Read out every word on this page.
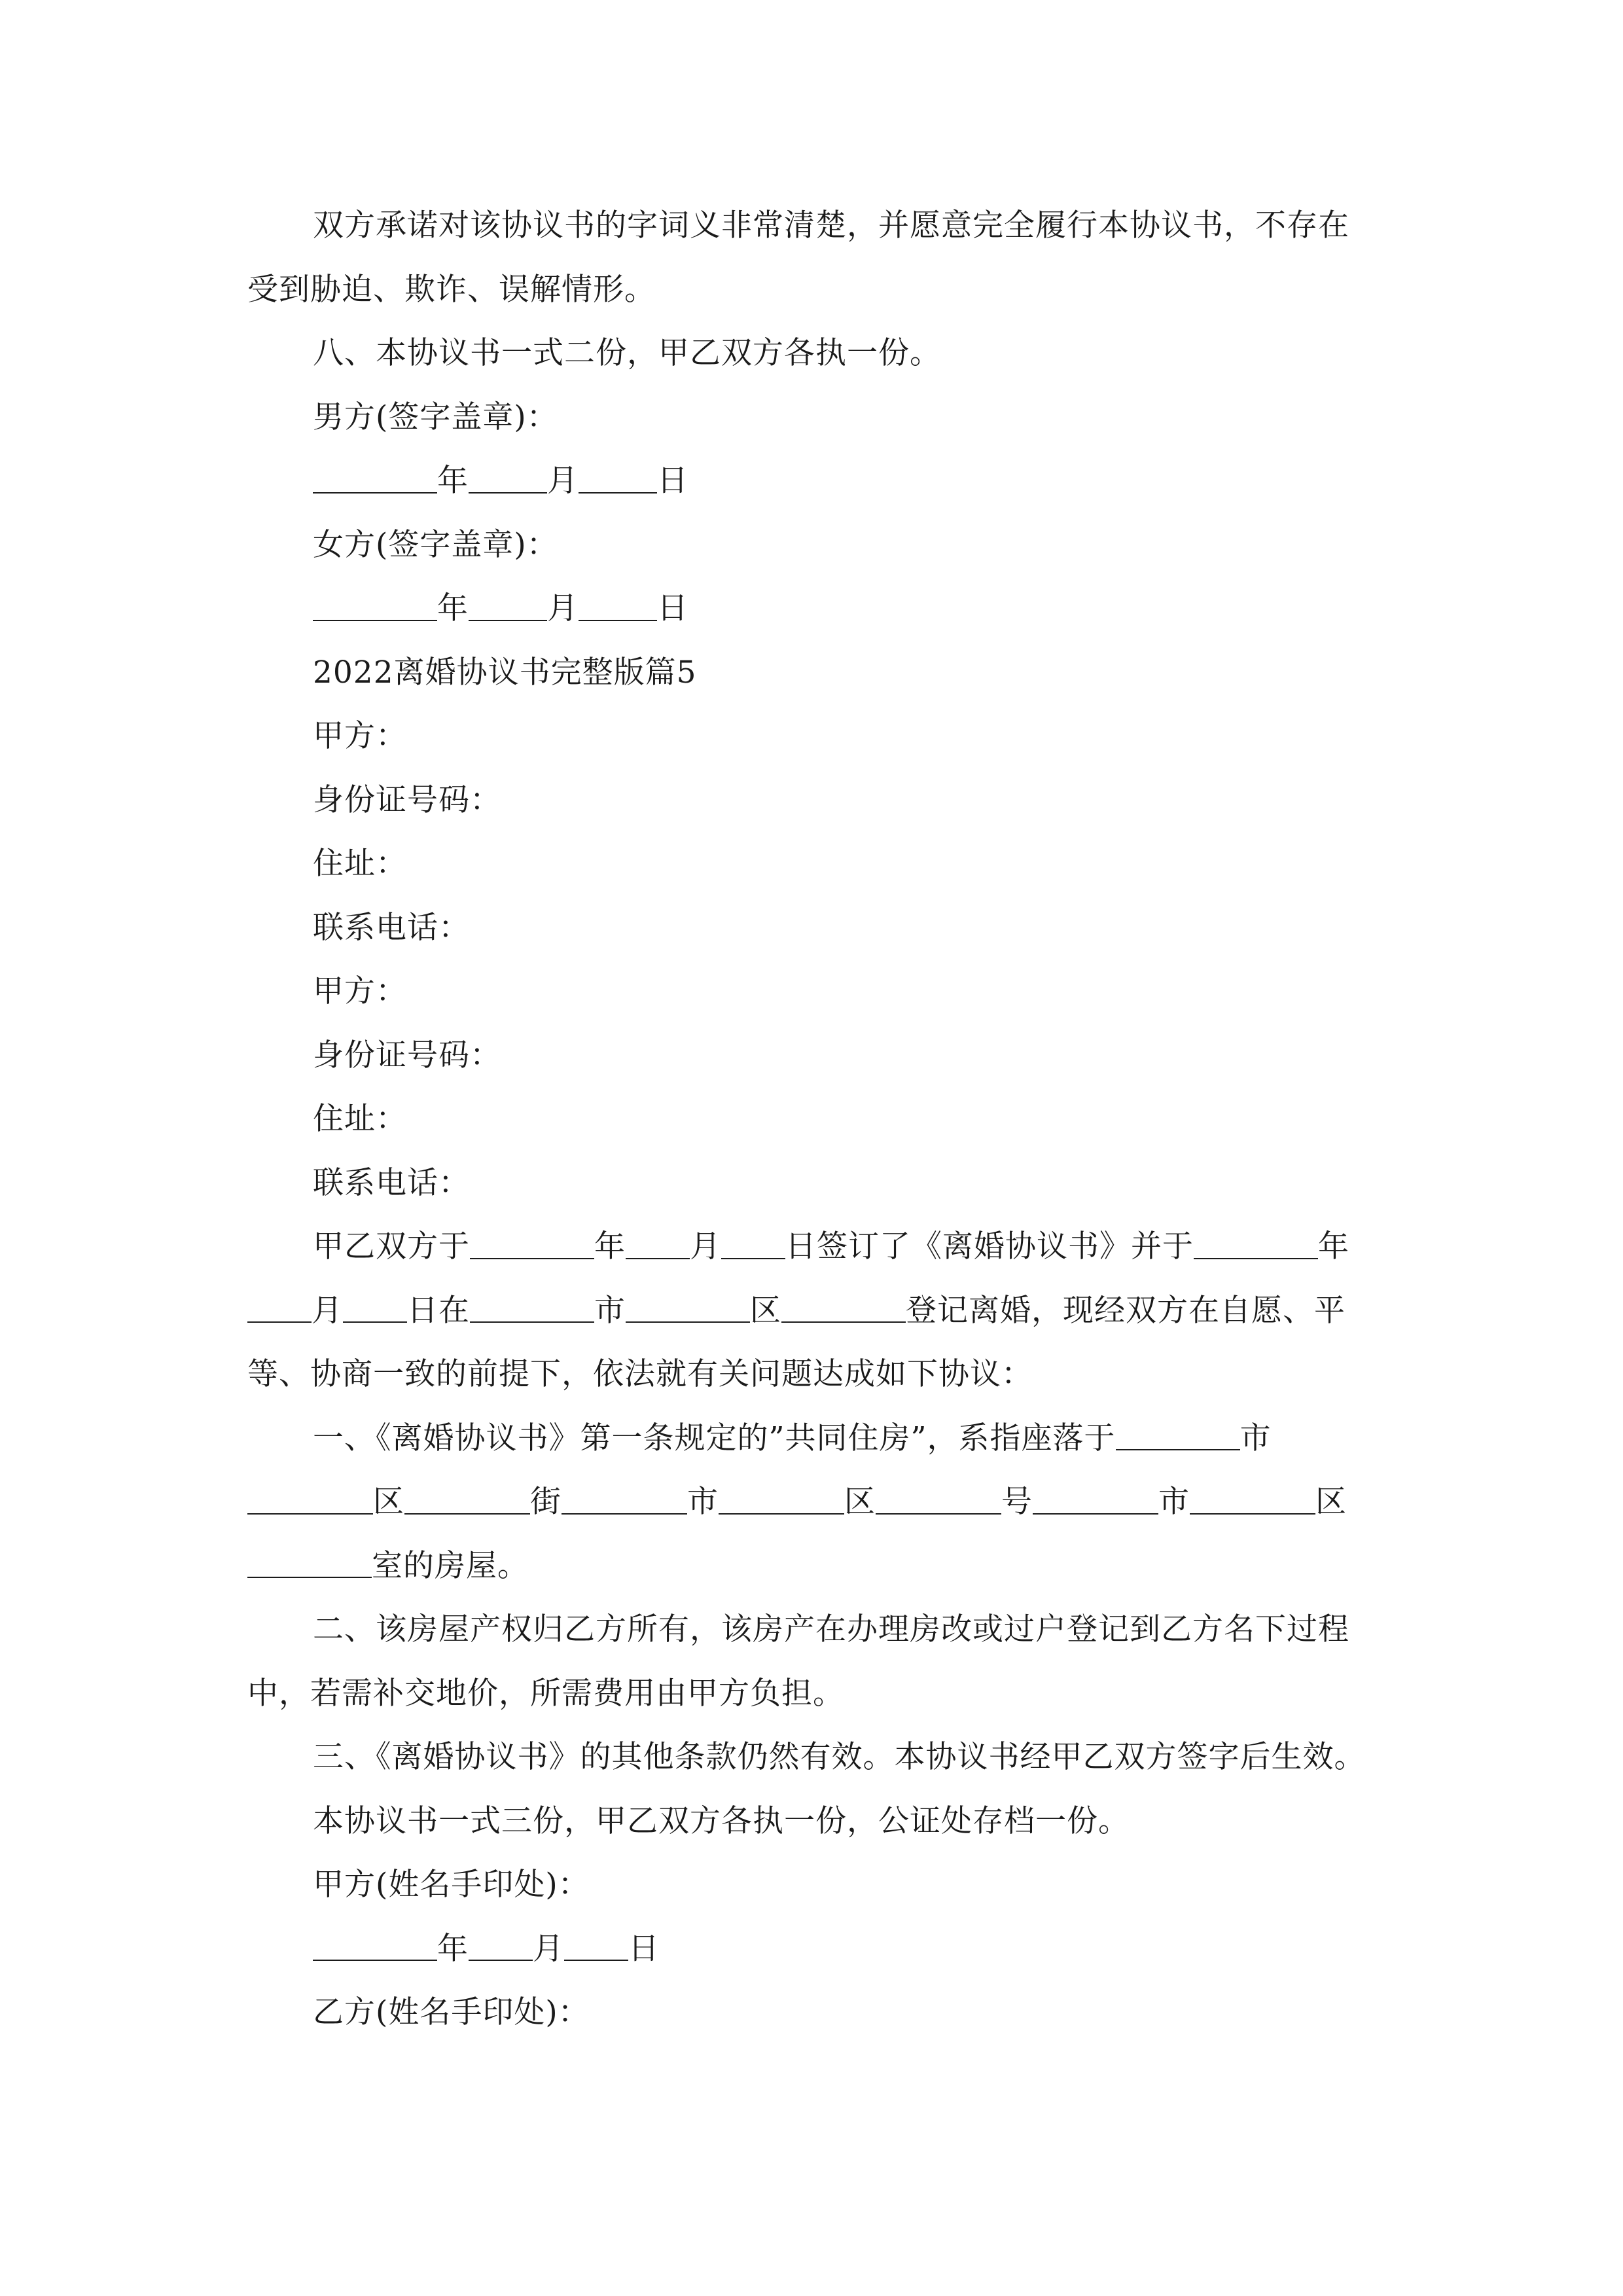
双方承诺对该协议书的字词义非常清楚，并愿意完全履行本协议书，不存在
受到胁迫、欺诈、误解情形。
八、本协议书一式二份，甲乙双方各执一份。
男方(签字盖章)：
年	月	日
女方(签字盖章)：
年	月	日
2022离婚协议书完整版篇5
甲方：
身份证号码：
住址：
联系电话：
甲方：
身份证号码：
住址：
联系电话：
甲乙双方于	年 月 日签订了《离婚协议书》并于	年
月 日在	市	区	登记离婚，现经双方在自愿、平
等、协商一致的前提下，依法就有关问题达成如下协议：
一、《离婚协议书》第一条规定的”共同住房”，系指座落于	市
区	街	市	区	号	市	区
室的房屋。
二、该房屋产权归乙方所有，该房产在办理房改或过户登记到乙方名下过程
中，若需补交地价，所需费用由甲方负担。
三、《离婚协议书》的其他条款仍然有效。本协议书经甲乙双方签字后生效。
本协议书一式三份，甲乙双方各执一份，公证处存档一份。
甲方(姓名手印处)：
年 月 日
乙方(姓名手印处)：
